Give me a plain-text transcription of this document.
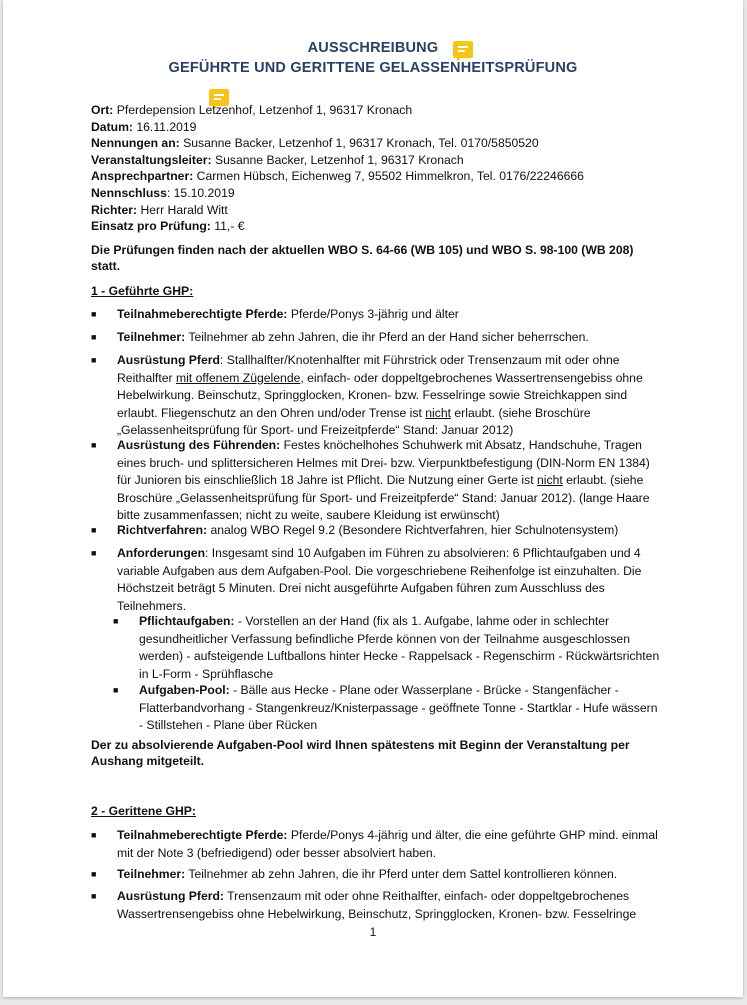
AUSSCHREIBUNG
GEFÜHRTE UND GERITTENE GELASSENHEITSPRÜFUNG
Ort: Pferdepension Letzenhof, Letzenhof 1, 96317 Kronach
Datum: 16.11.2019
Nennungen an: Susanne Backer, Letzenhof 1, 96317 Kronach, Tel. 0170/5850520
Veranstaltungsleiter: Susanne Backer, Letzenhof 1, 96317 Kronach
Ansprechpartner: Carmen Hübsch, Eichenweg 7, 95502 Himmelkron, Tel. 0176/22246666
Nennschluss: 15.10.2019
Richter: Herr Harald Witt
Einsatz pro Prüfung: 11,- €
Die Prüfungen finden nach der aktuellen WBO S. 64-66 (WB 105) und WBO S. 98-100 (WB 208) statt.
1 - Geführte GHP:
■ Teilnahmeberechtigte Pferde: Pferde/Ponys 3-jährig und älter
■ Teilnehmer: Teilnehmer ab zehn Jahren, die ihr Pferd an der Hand sicher beherrschen.
■ Ausrüstung Pferd: Stallhalfter/Knotenhalfter mit Führstrick oder Trensenzaum mit oder ohne Reithalfter mit offenem Zügelende, einfach- oder doppeltgebrochenes Wassertrensengebiss ohne Hebelwirkung. Beinschutz, Springglocken, Kronen- bzw. Fesselringe sowie Streichkappen sind erlaubt. Fliegenschutz an den Ohren und/oder Trense ist nicht erlaubt. (siehe Broschüre „Gelassenheitsprüfung für Sport- und Freizeitpferde“ Stand: Januar 2012)
■ Ausrüstung des Führenden: Festes knöchelhohes Schuhwerk mit Absatz, Handschuhe, Tragen eines bruch- und splittersicheren Helmes mit Drei- bzw. Vierpunktbefestigung (DIN-Norm EN 1384) für Junioren bis einschließlich 18 Jahre ist Pflicht. Die Nutzung einer Gerte ist nicht erlaubt. (siehe Broschüre „Gelassenheitsprüfung für Sport- und Freizeitpferde“ Stand: Januar 2012). (lange Haare bitte zusammenfassen; nicht zu weite, saubere Kleidung ist erwünscht)
■ Richtverfahren: analog WBO Regel 9.2 (Besondere Richtverfahren, hier Schulnotensystem)
■ Anforderungen: Insgesamt sind 10 Aufgaben im Führen zu absolvieren: 6 Pflichtaufgaben und 4 variable Aufgaben aus dem Aufgaben-Pool. Die vorgeschriebene Reihenfolge ist einzuhalten. Die Höchstzeit beträgt 5 Minuten. Drei nicht ausgeführte Aufgaben führen zum Ausschluss des Teilnehmers.
■ Pflichtaufgaben: - Vorstellen an der Hand (fix als 1. Aufgabe, lahme oder in schlechter gesundheitlicher Verfassung befindliche Pferde können von der Teilnahme ausgeschlossen werden) - aufsteigende Luftballons hinter Hecke - Rappelsack - Regenschirm - Rückwärtsrichten in L-Form - Sprühflasche
■ Aufgaben-Pool: - Bälle aus Hecke - Plane oder Wasserplane - Brücke - Stangenfächer - Flatterbandvorhang - Stangenkreuz/Knisterpassage - geöffnete Tonne - Startklar - Hufe wässern - Stillstehen - Plane über Rücken
Der zu absolvierende Aufgaben-Pool wird Ihnen spätestens mit Beginn der Veranstaltung per Aushang mitgeteilt.
2 - Gerittene GHP:
■ Teilnahmeberechtigte Pferde: Pferde/Ponys 4-jährig und älter, die eine geführte GHP mind. einmal mit der Note 3 (befriedigend) oder besser absolviert haben.
■ Teilnehmer: Teilnehmer ab zehn Jahren, die ihr Pferd unter dem Sattel kontrollieren können.
■ Ausrüstung Pferd: Trensenzaum mit oder ohne Reithalfter, einfach- oder doppeltgebrochenes Wassertrensengebiss ohne Hebelwirkung, Beinschutz, Springglocken, Kronen- bzw. Fesselringe
1
